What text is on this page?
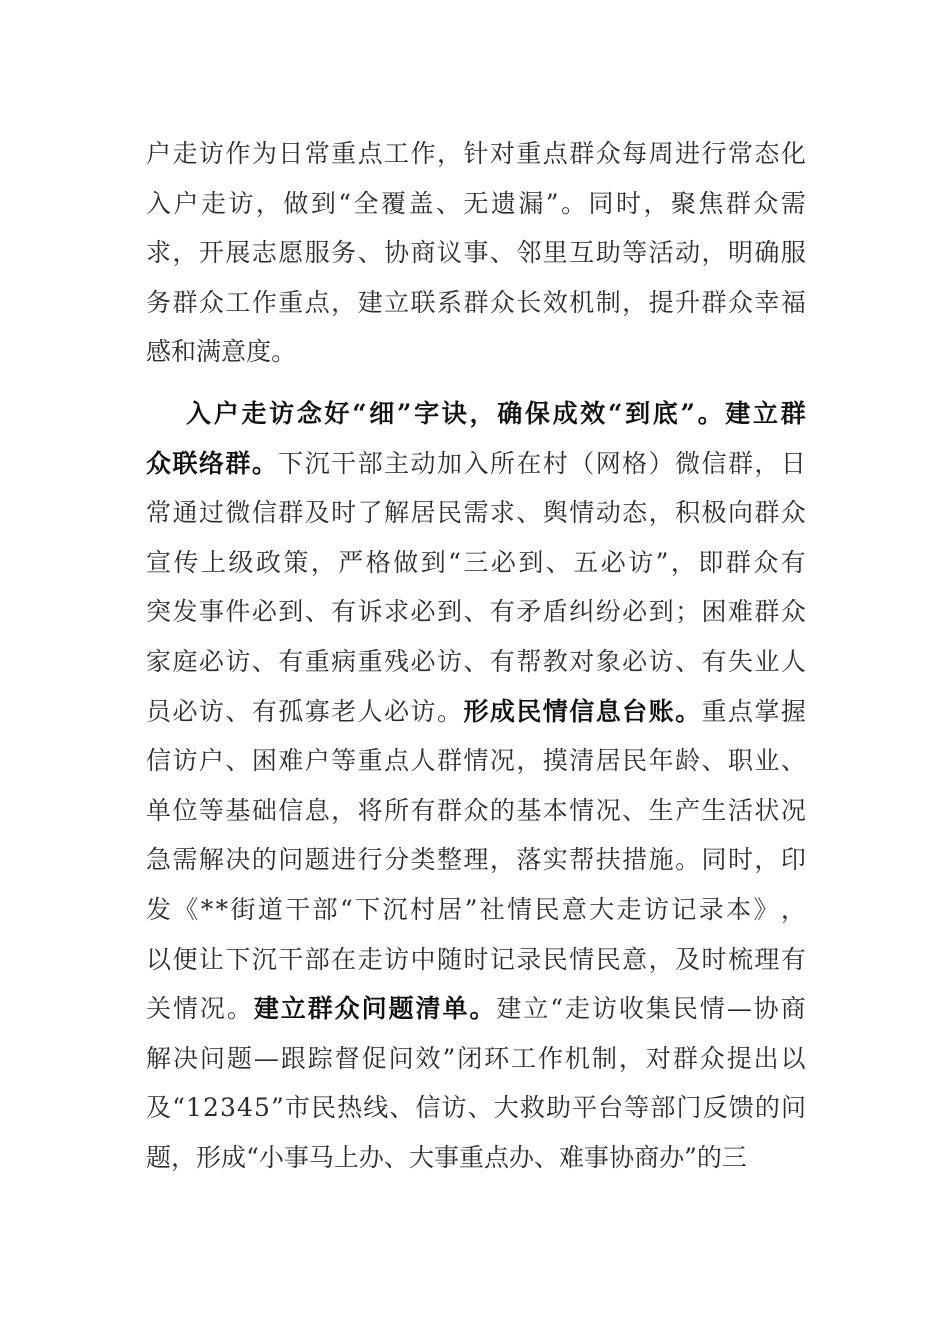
户 走 访 作 为 日 常 重 点 工 作 ， 针 对 重 点 群 众 每 周 进 行 常 态 化
入 户 走 访 ， 做 到 “ 全 覆 盖 、 无 遗 漏 ” 。 同 时 ， 聚 焦 群 众 需
求 ， 开 展 志 愿 服 务 、 协 商 议 事 、 邻 里 互 助 等 活 动 ， 明 确 服
务 群 众 工 作 重 点 ， 建 立 联 系 群 众 长 效 机 制 ， 提 升 群 众 幸 福
感 和 满 意 度 。
入 户 走 访 念 好 “ 细 ” 字 诀 ， 确 保 成 效 “ 到 底 ” 。 建 立 群
众 联 络 群 。 下 沉 干 部 主 动 加 入 所 在 村 （ 网 格 ） 微 信 群 ， 日
常 通 过 微 信 群 及 时 了 解 居 民 需 求 、 舆 情 动 态 ， 积 极 向 群 众
宣 传 上 级 政 策 ， 严 格 做 到 “ 三 必 到 、 五 必 访 ” ， 即 群 众 有
突 发 事 件 必 到 、 有 诉 求 必 到 、 有 矛 盾 纠 纷 必 到 ； 困 难 群 众
家 庭 必 访 、 有 重 病 重 残 必 访 、 有 帮 教 对 象 必 访 、 有 失 业 人
员 必 访 、 有 孤 寡 老 人 必 访 。 形 成 民 情 信 息 台 账 。 重 点 掌 握
信 访 户 、 困 难 户 等 重 点 人 群 情 况 ， 摸 清 居 民 年 龄 、 职 业 、
单 位 等 基 础 信 息 ， 将 所 有 群 众 的 基 本 情 况 、 生 产 生 活 状 况
急 需 解 决 的 问 题 进 行 分 类 整 理 ， 落 实 帮 扶 措 施 。 同 时 ， 印
发 《 * * 街 道 干 部 “ 下 沉 村 居 ” 社 情 民 意 大 走 访 记 录 本 》 ，
以 便 让 下 沉 干 部 在 走 访 中 随 时 记 录 民 情 民 意 ， 及 时 梳 理 有
关 情 况 。 建 立 群 众 问 题 清 单 。 建 立 “ 走 访 收 集 民 情 — 协 商
解 决 问 题 — 跟 踪 督 促 问 效 ” 闭 环 工 作 机 制 ， 对 群 众 提 出 以
及 “ 1 2 3 4 5 ” 市 民 热 线 、 信 访 、 大 救 助 平 台 等 部 门 反 馈 的 问
题 ， 形 成 “ 小 事 马 上 办 、 大 事 重 点 办 、 难 事 协 商 办 ” 的 三
